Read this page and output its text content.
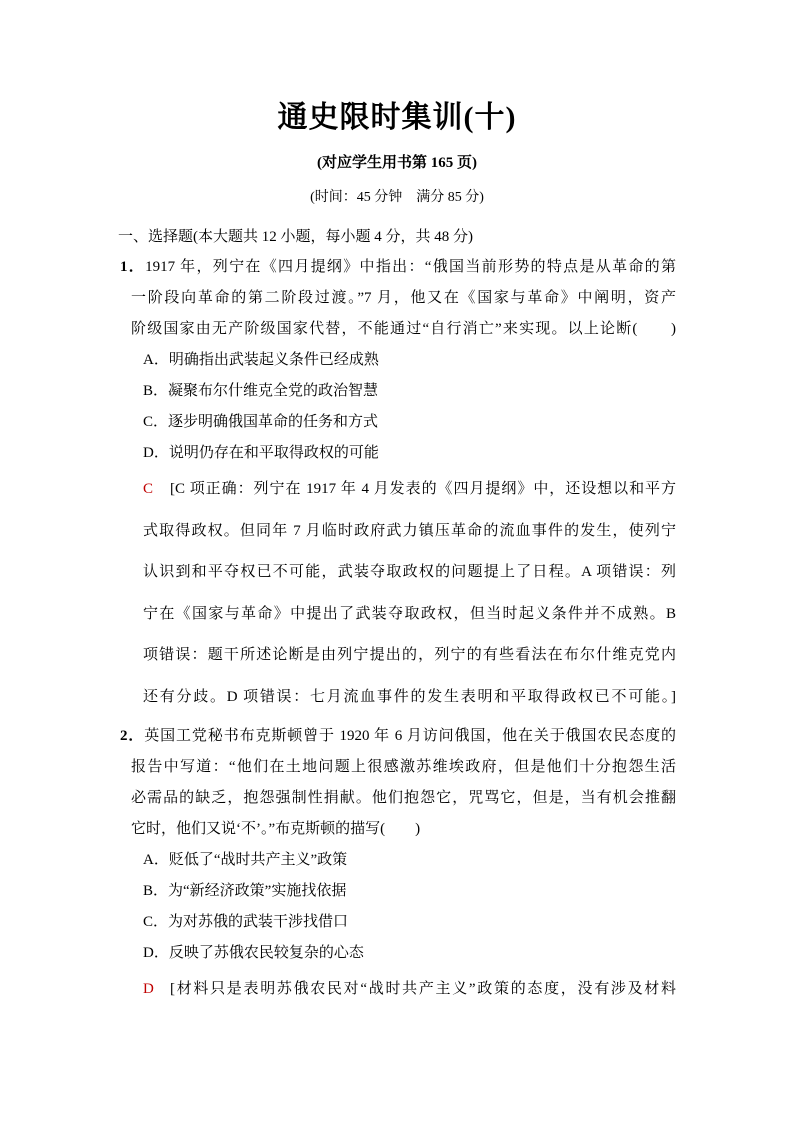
通史限时集训(十)
(对应学生用书第 165 页)
(时间：45 分钟　满分 85 分)
一、选择题(本大题共 12 小题，每小题 4 分，共 48 分)
1．1917 年，列宁在《四月提纲》中指出：“俄国当前形势的特点是从革命的第
一阶段向革命的第二阶段过渡。”7 月，他又在《国家与革命》中阐明，资产
阶级国家由无产阶级国家代替，不能通过“自行消亡”来实现。以上论断(　　)
A．明确指出武装起义条件已经成熟
B．凝聚布尔什维克全党的政治智慧
C．逐步明确俄国革命的任务和方式
D．说明仍存在和平取得政权的可能
C	[C 项正确：列宁在 1917 年 4 月发表的《四月提纲》中，还设想以和平方
式取得政权。但同年 7 月临时政府武力镇压革命的流血事件的发生，使列宁
认识到和平夺权已不可能，武装夺取政权的问题提上了日程。A 项错误：列
宁在《国家与革命》中提出了武装夺取政权，但当时起义条件并不成熟。B
项错误：题干所述论断是由列宁提出的，列宁的有些看法在布尔什维克党内
还有分歧。D 项错误：七月流血事件的发生表明和平取得政权已不可能。]
2．英国工党秘书布克斯顿曾于 1920 年 6 月访问俄国，他在关于俄国农民态度的
报告中写道：“他们在土地问题上很感激苏维埃政府，但是他们十分抱怨生活
必需品的缺乏，抱怨强制性捐献。他们抱怨它，咒骂它，但是，当有机会推翻
它时，他们又说‘不’。”布克斯顿的描写(　　)
A．贬低了“战时共产主义”政策
B．为“新经济政策”实施找依据
C．为对苏俄的武装干涉找借口
D．反映了苏俄农民较复杂的心态
D	[材料只是表明苏俄农民对“战时共产主义”政策的态度，没有涉及材料
